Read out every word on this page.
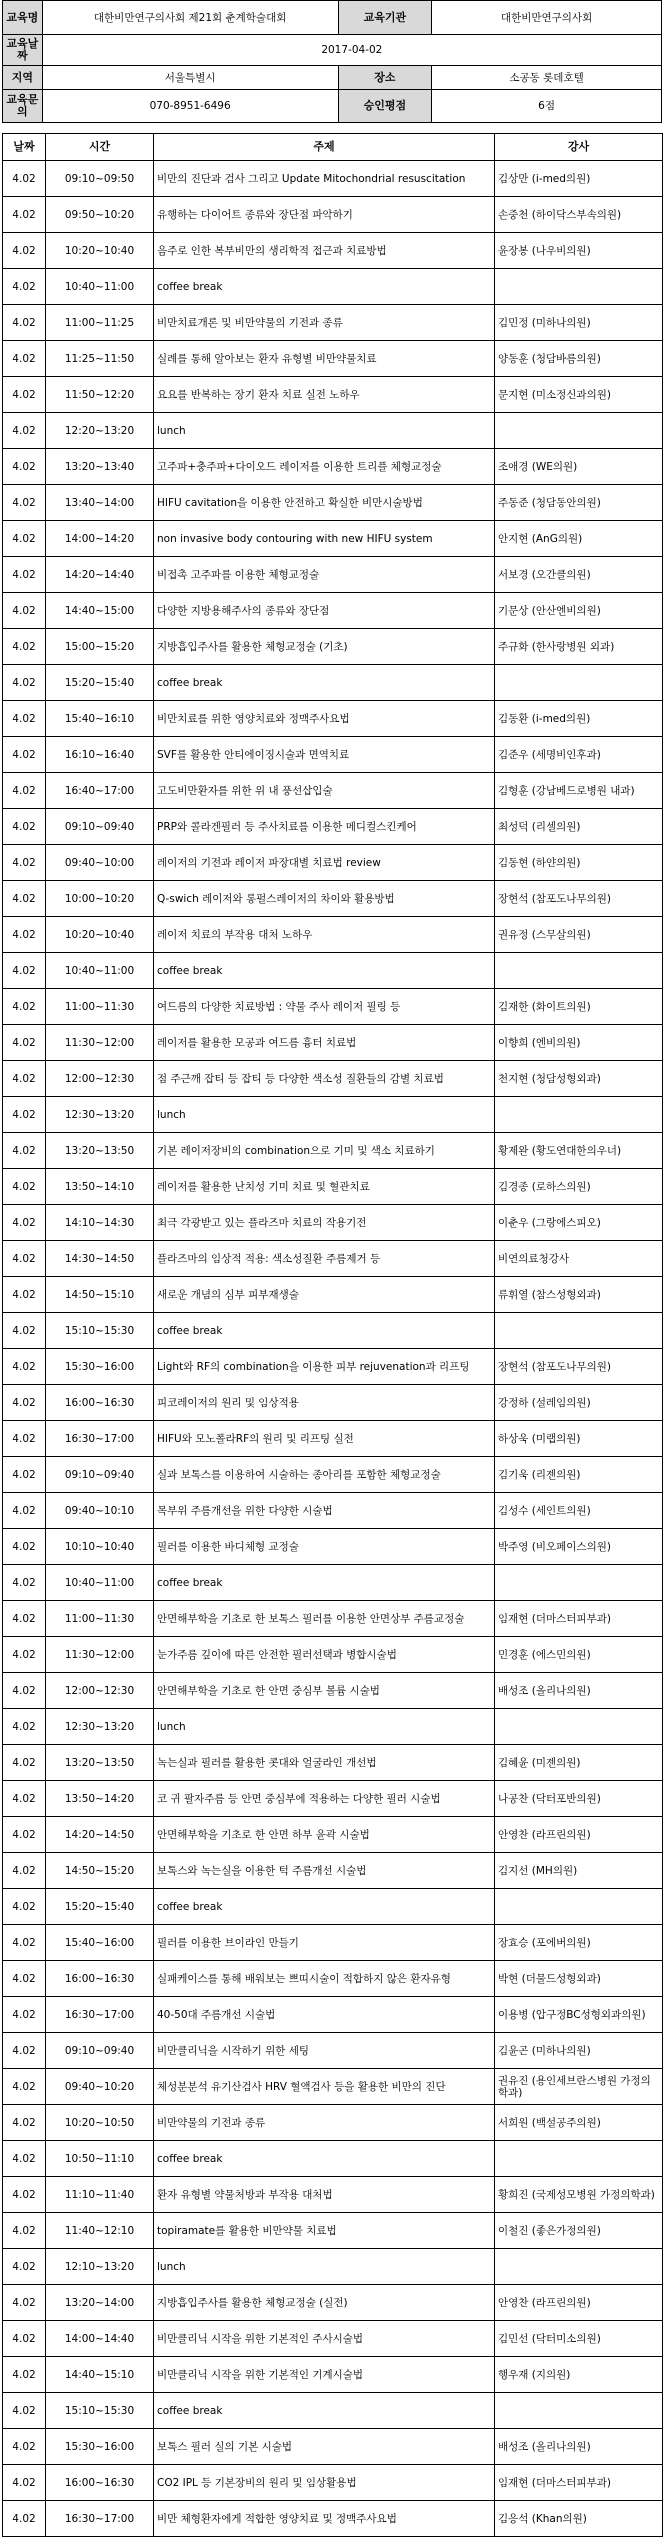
교육명	대한비만연구의사회 제21회 춘계학술대회	교육기관	대한비만연구의사회
교육날짜	2017-04-02		
지역	서울특별시	장소	소공동 롯데호텔
교육문의	070-8951-6496	승인평점	6점
날짜	시간	주제	강사
4.02	09:10~09:50	비만의 진단과 검사 그리고 Update Mitochondrial resuscitation	김상만 (i-med의원)
4.02	09:50~10:20	유행하는 다이어트 종류와 장단점 파악하기	손중천 (하이닥스부속의원)
4.02	10:20~10:40	음주로 인한 복부비만의 생리학적 접근과 치료방법	윤장봉 (나우비의원)
4.02	10:40~11:00	coffee break	
4.02	11:00~11:25	비만치료개론 및 비만약물의 기전과 종류	김민정 (미하나의원)
4.02	11:25~11:50	실례를 통해 알아보는 환자 유형별 비만약물치료	양동훈 (청담바름의원)
4.02	11:50~12:20	요요를 반복하는 장기 환자 치료 실전 노하우	문지현 (미소정신과의원)
4.02	12:20~13:20	lunch	
4.02	13:20~13:40	고주파+충주파+다이오드 레이저를 이용한 트리플 체형교정술	조애경 (WE의원)
4.02	13:40~14:00	HIFU cavitation을 이용한 안전하고 확실한 비만시술방법	주동준 (청담동안의원)
4.02	14:00~14:20	non invasive body contouring with new HIFU system	안지현 (AnG의원)
4.02	14:20~14:40	비접촉 고주파를 이용한 체형교정술	서보경 (오간클의원)
4.02	14:40~15:00	다양한 지방용해주사의 종류와 장단점	기문상 (안산엔비의원)
4.02	15:00~15:20	지방흡입주사를 활용한 체형교정술 (기초)	주규화 (한사랑병원 외과)
4.02	15:20~15:40	coffee break	
4.02	15:40~16:10	비만치료를 위한 영양치료와 정맥주사요법	김동환 (i-med의원)
4.02	16:10~16:40	SVF를 활용한 안티에이징시술과 면역치료	김준우 (세명비인후과)
4.02	16:40~17:00	고도비만환자를 위한 위 내 풍선삽입술	김형훈 (강남베드로병원 내과)
4.02	09:10~09:40	PRP와 콜라겐필러 등 주사치료를 이용한 메디컬스킨케어	최성덕 (리셀의원)
4.02	09:40~10:00	레이저의 기전과 레이저 파장대별 치료법 review	김동현 (하얀의원)
4.02	10:00~10:20	Q-swich 레이저와 롱펄스레이저의 차이와 활용방법	장현석 (참포도나무의원)
4.02	10:20~10:40	레이저 치료의 부작용 대처 노하우	권유정 (스무살의원)
4.02	10:40~11:00	coffee break	
4.02	11:00~11:30	여드름의 다양한 치료방법 : 약물 주사 레이저 필링 등	김재한 (화이트의원)
4.02	11:30~12:00	레이저를 활용한 모공과 여드름 흉터 치료법	이향희 (엔비의원)
4.02	12:00~12:30	점 주근깨 잡티 등 잡티 등 다양한 색소성 질환들의 감별 치료법	천지현 (청담성형외과)
4.02	12:30~13:20	lunch	
4.02	13:20~13:50	기본 레이저장비의 combination으로 기미 및 색소 치료하기	황제완 (황도연대한의우너)
4.02	13:50~14:10	레이저를 활용한 난치성 기미 치료 및 혈관치료	김경종 (로하스의원)
4.02	14:10~14:30	최극 각광받고 있는 플라즈마 치료의 작용기전	이춘우 (그랑에스피오)
4.02	14:30~14:50	플라즈마의 임상적 적용: 색소성질환 주름제거 등	비연의료청강사
4.02	14:50~15:10	새로운 개념의 심부 피부재생술	류휘열 (참스성형외과)
4.02	15:10~15:30	coffee break	
4.02	15:30~16:00	Light와 RF의 combination을 이용한 피부 rejuvenation과 리프팅	장현석 (참포도나무의원)
4.02	16:00~16:30	피코레이저의 원리 및 임상적용	강정하 (설레임의원)
4.02	16:30~17:00	HIFU와 모노폴라RF의 원리 및 리프팅 실전	하상욱 (미랩의원)
4.02	09:10~09:40	실과 보톡스를 이용하여 시술하는 종아리를 포함한 체형교정술	김기욱 (리젠의원)
4.02	09:40~10:10	목부위 주름개선을 위한 다양한 시술법	김성수 (세인트의원)
4.02	10:10~10:40	필러를 이용한 바디체형 교정술	박주영 (비오페이스의원)
4.02	10:40~11:00	coffee break	
4.02	11:00~11:30	안면해부학을 기초로 한 보톡스 필러를 이용한 안면상부 주름교정술	임재현 (더마스터피부과)
4.02	11:30~12:00	눈가주름 깊이에 따른 안전한 필러선택과 병합시술법	민경훈 (에스민의원)
4.02	12:00~12:30	안면해부학을 기초로 한 안면 중심부 볼륨 시술법	배성조 (올리나의원)
4.02	12:30~13:20	lunch	
4.02	13:20~13:50	녹는실과 필러를 활용한 콧대와 얼굴라인 개선법	김혜윤 (미젠의원)
4.02	13:50~14:20	코 귀 팔자주름 등 안면 중심부에 적용하는 다양한 필러 시술법	나공찬 (닥터포반의원)
4.02	14:20~14:50	안면해부학을 기초로 한 안면 하부 윤곽 시술법	안영찬 (라프린의원)
4.02	14:50~15:20	보톡스와 녹는실을 이용한 턱 주름개선 시술법	김지선 (MH의원)
4.02	15:20~15:40	coffee break	
4.02	15:40~16:00	필러를 이용한 브이라인 만들기	장효승 (포에버의원)
4.02	16:00~16:30	실패케이스를 통해 배워보는 쁘띠시술이 적합하지 않은 환자유형	박현 (더물드성형외과)
4.02	16:30~17:00	40-50대 주름개선 시술법	이용병 (압구정BC성형외과의원)
4.02	09:10~09:40	비만클리닉을 시작하기 위한 세팅	김윤곤 (미하나의원)
4.02	09:40~10:20	체성분분석 유기산검사 HRV 혈액검사 등을 활용한 비만의 진단	권유진 (용인세브란스병원 가정의학과)
4.02	10:20~10:50	비만약물의 기전과 종류	서희원 (백설공주의원)
4.02	10:50~11:10	coffee break	
4.02	11:10~11:40	환자 유형별 약물처방과 부작용 대처법	황희진 (국제성모병원 가정의학과)
4.02	11:40~12:10	topiramate를 활용한 비만약물 치료법	이철진 (좋은가정의원)
4.02	12:10~13:20	lunch	
4.02	13:20~14:00	지방흡입주사를 활용한 체형교정술 (실전)	안영찬 (라프린의원)
4.02	14:00~14:40	비만클리닉 시작을 위한 기본적인 주사시술법	김민선 (닥터미소의원)
4.02	14:40~15:10	비만클리닉 시작을 위한 기본적인 기계시술법	행우재 (지의원)
4.02	15:10~15:30	coffee break	
4.02	15:30~16:00	보톡스 필러 실의 기본 시술법	배성조 (올리나의원)
4.02	16:00~16:30	CO2 IPL 등 기본장비의 원리 및 임상활용법	임재현 (더마스터피부과)
4.02	16:30~17:00	비만 체형환자에게 적합한 영양치료 및 정맥주사요법	김응석 (Khan의원)
